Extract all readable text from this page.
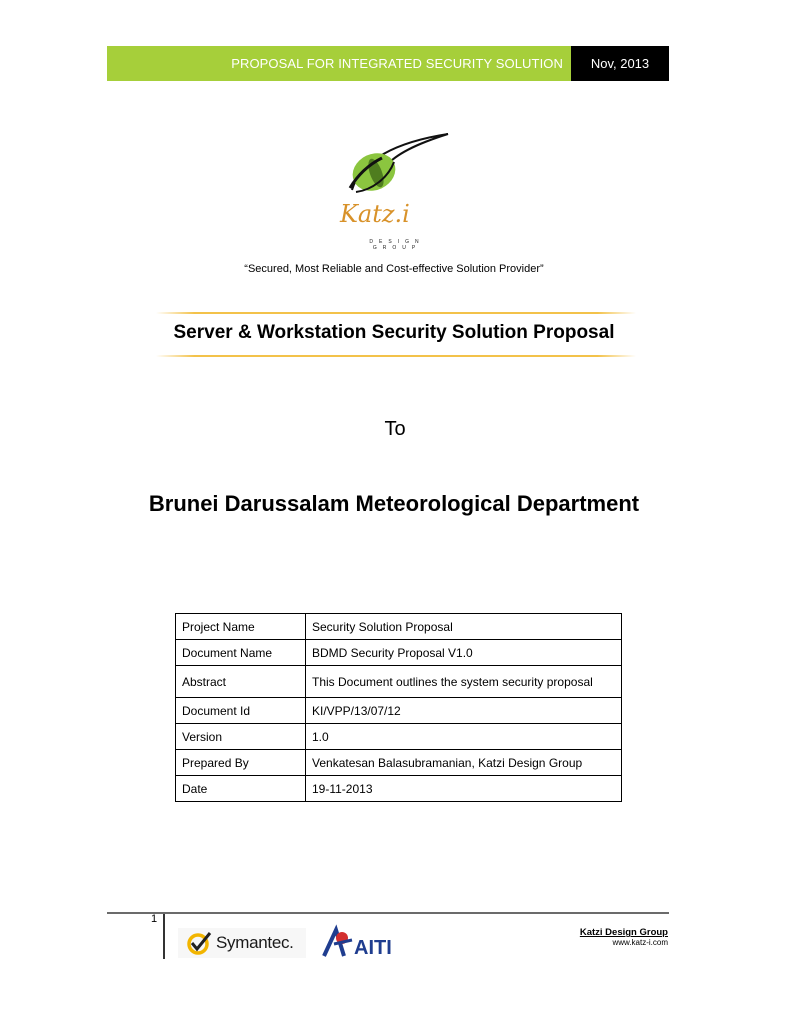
PROPOSAL FOR INTEGRATED SECURITY SOLUTION	Nov, 2013
Katz.i
DESIGN GROUP
“Secured, Most Reliable and Cost-effective Solution Provider”
Server & Workstation Security Solution Proposal
To
Brunei Darussalam Meteorological Department
Project Name	Security Solution Proposal
Document Name	BDMD Security Proposal V1.0
Abstract	This Document outlines the system security proposal
Document Id	KI/VPP/13/07/12
Version	1.0
Prepared By	Venkatesan Balasubramanian, Katzi Design Group
Date	19-11-2013
1
Symantec.	AITI
Katzi Design Group
www.katz-i.com
